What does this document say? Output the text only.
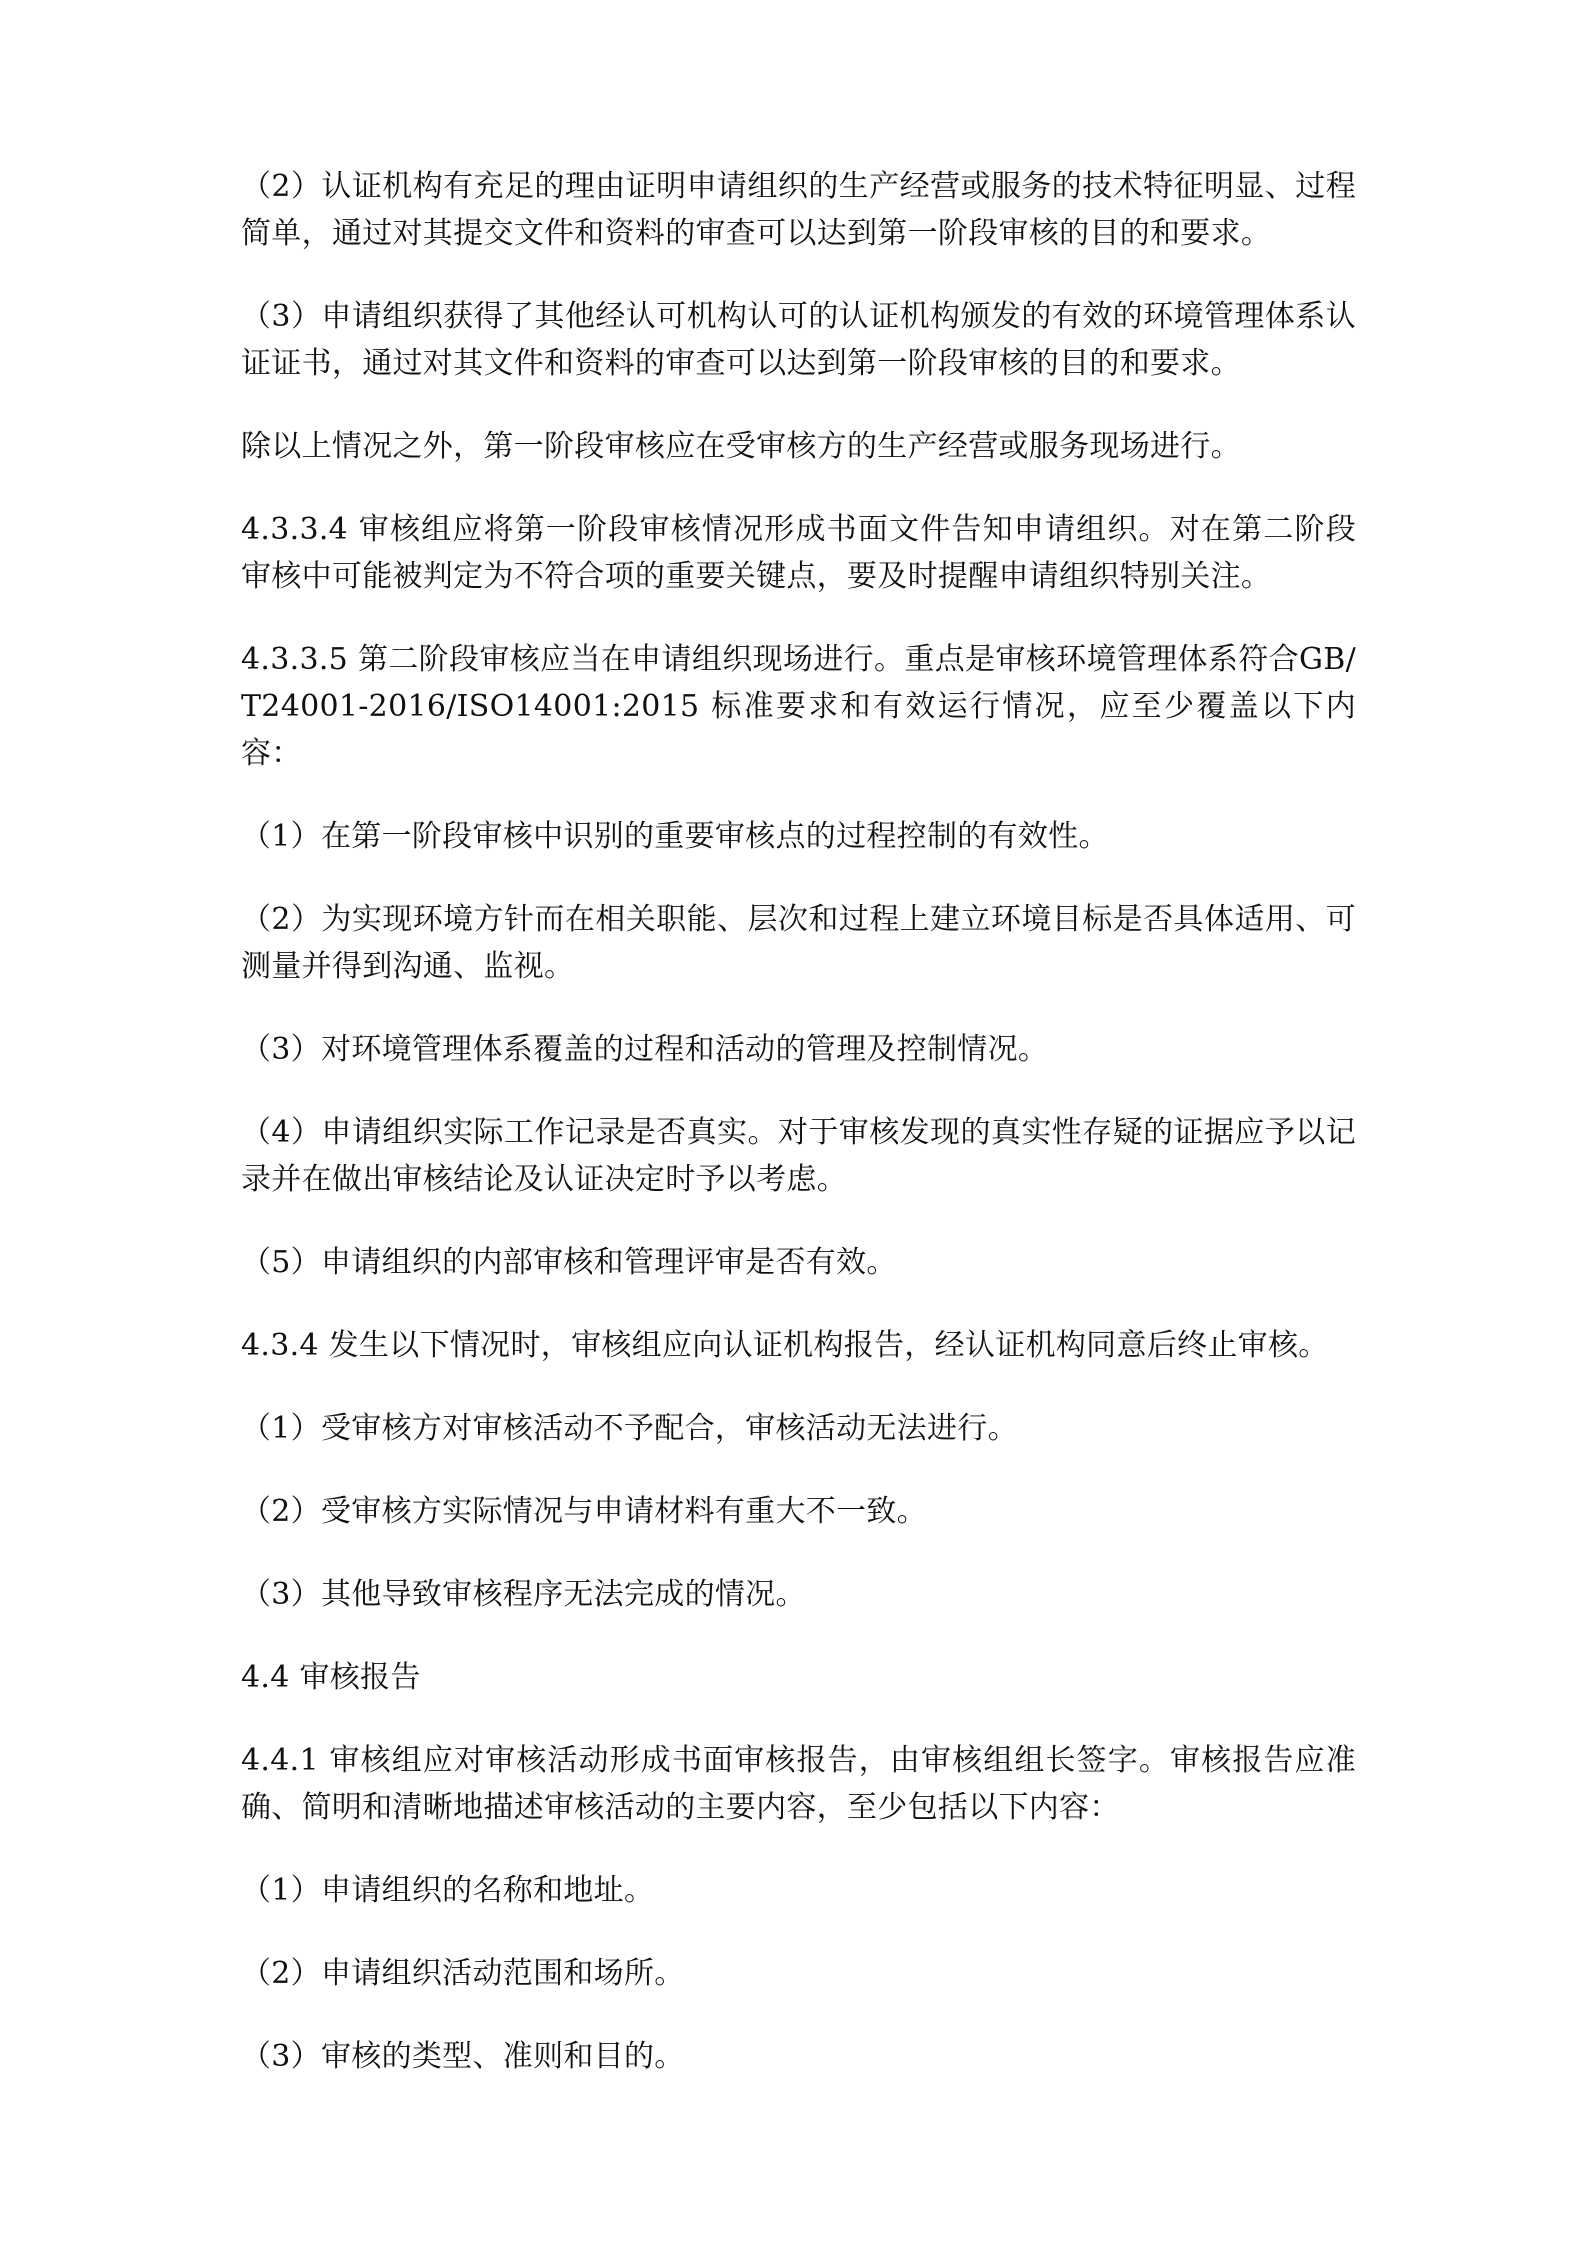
（2）认证机构有充足的理由证明申请组织的生产经营或服务的技术特征明显、过程简单，通过对其提交文件和资料的审查可以达到第一阶段审核的目的和要求。

（3）申请组织获得了其他经认可机构认可的认证机构颁发的有效的环境管理体系认证证书，通过对其文件和资料的审查可以达到第一阶段审核的目的和要求。

除以上情况之外，第一阶段审核应在受审核方的生产经营或服务现场进行。

4.3.3.4 审核组应将第一阶段审核情况形成书面文件告知申请组织。对在第二阶段审核中可能被判定为不符合项的重要关键点，要及时提醒申请组织特别关注。

4.3.3.5 第二阶段审核应当在申请组织现场进行。重点是审核环境管理体系符合GB/T24001-2016/ISO14001:2015 标准要求和有效运行情况，应至少覆盖以下内容：

（1）在第一阶段审核中识别的重要审核点的过程控制的有效性。

（2）为实现环境方针而在相关职能、层次和过程上建立环境目标是否具体适用、可测量并得到沟通、监视。

（3）对环境管理体系覆盖的过程和活动的管理及控制情况。

（4）申请组织实际工作记录是否真实。对于审核发现的真实性存疑的证据应予以记录并在做出审核结论及认证决定时予以考虑。

（5）申请组织的内部审核和管理评审是否有效。

4.3.4 发生以下情况时，审核组应向认证机构报告，经认证机构同意后终止审核。

（1）受审核方对审核活动不予配合，审核活动无法进行。

（2）受审核方实际情况与申请材料有重大不一致。

（3）其他导致审核程序无法完成的情况。

4.4 审核报告

4.4.1 审核组应对审核活动形成书面审核报告，由审核组组长签字。审核报告应准确、简明和清晰地描述审核活动的主要内容，至少包括以下内容：

（1）申请组织的名称和地址。

（2）申请组织活动范围和场所。

（3）审核的类型、准则和目的。
